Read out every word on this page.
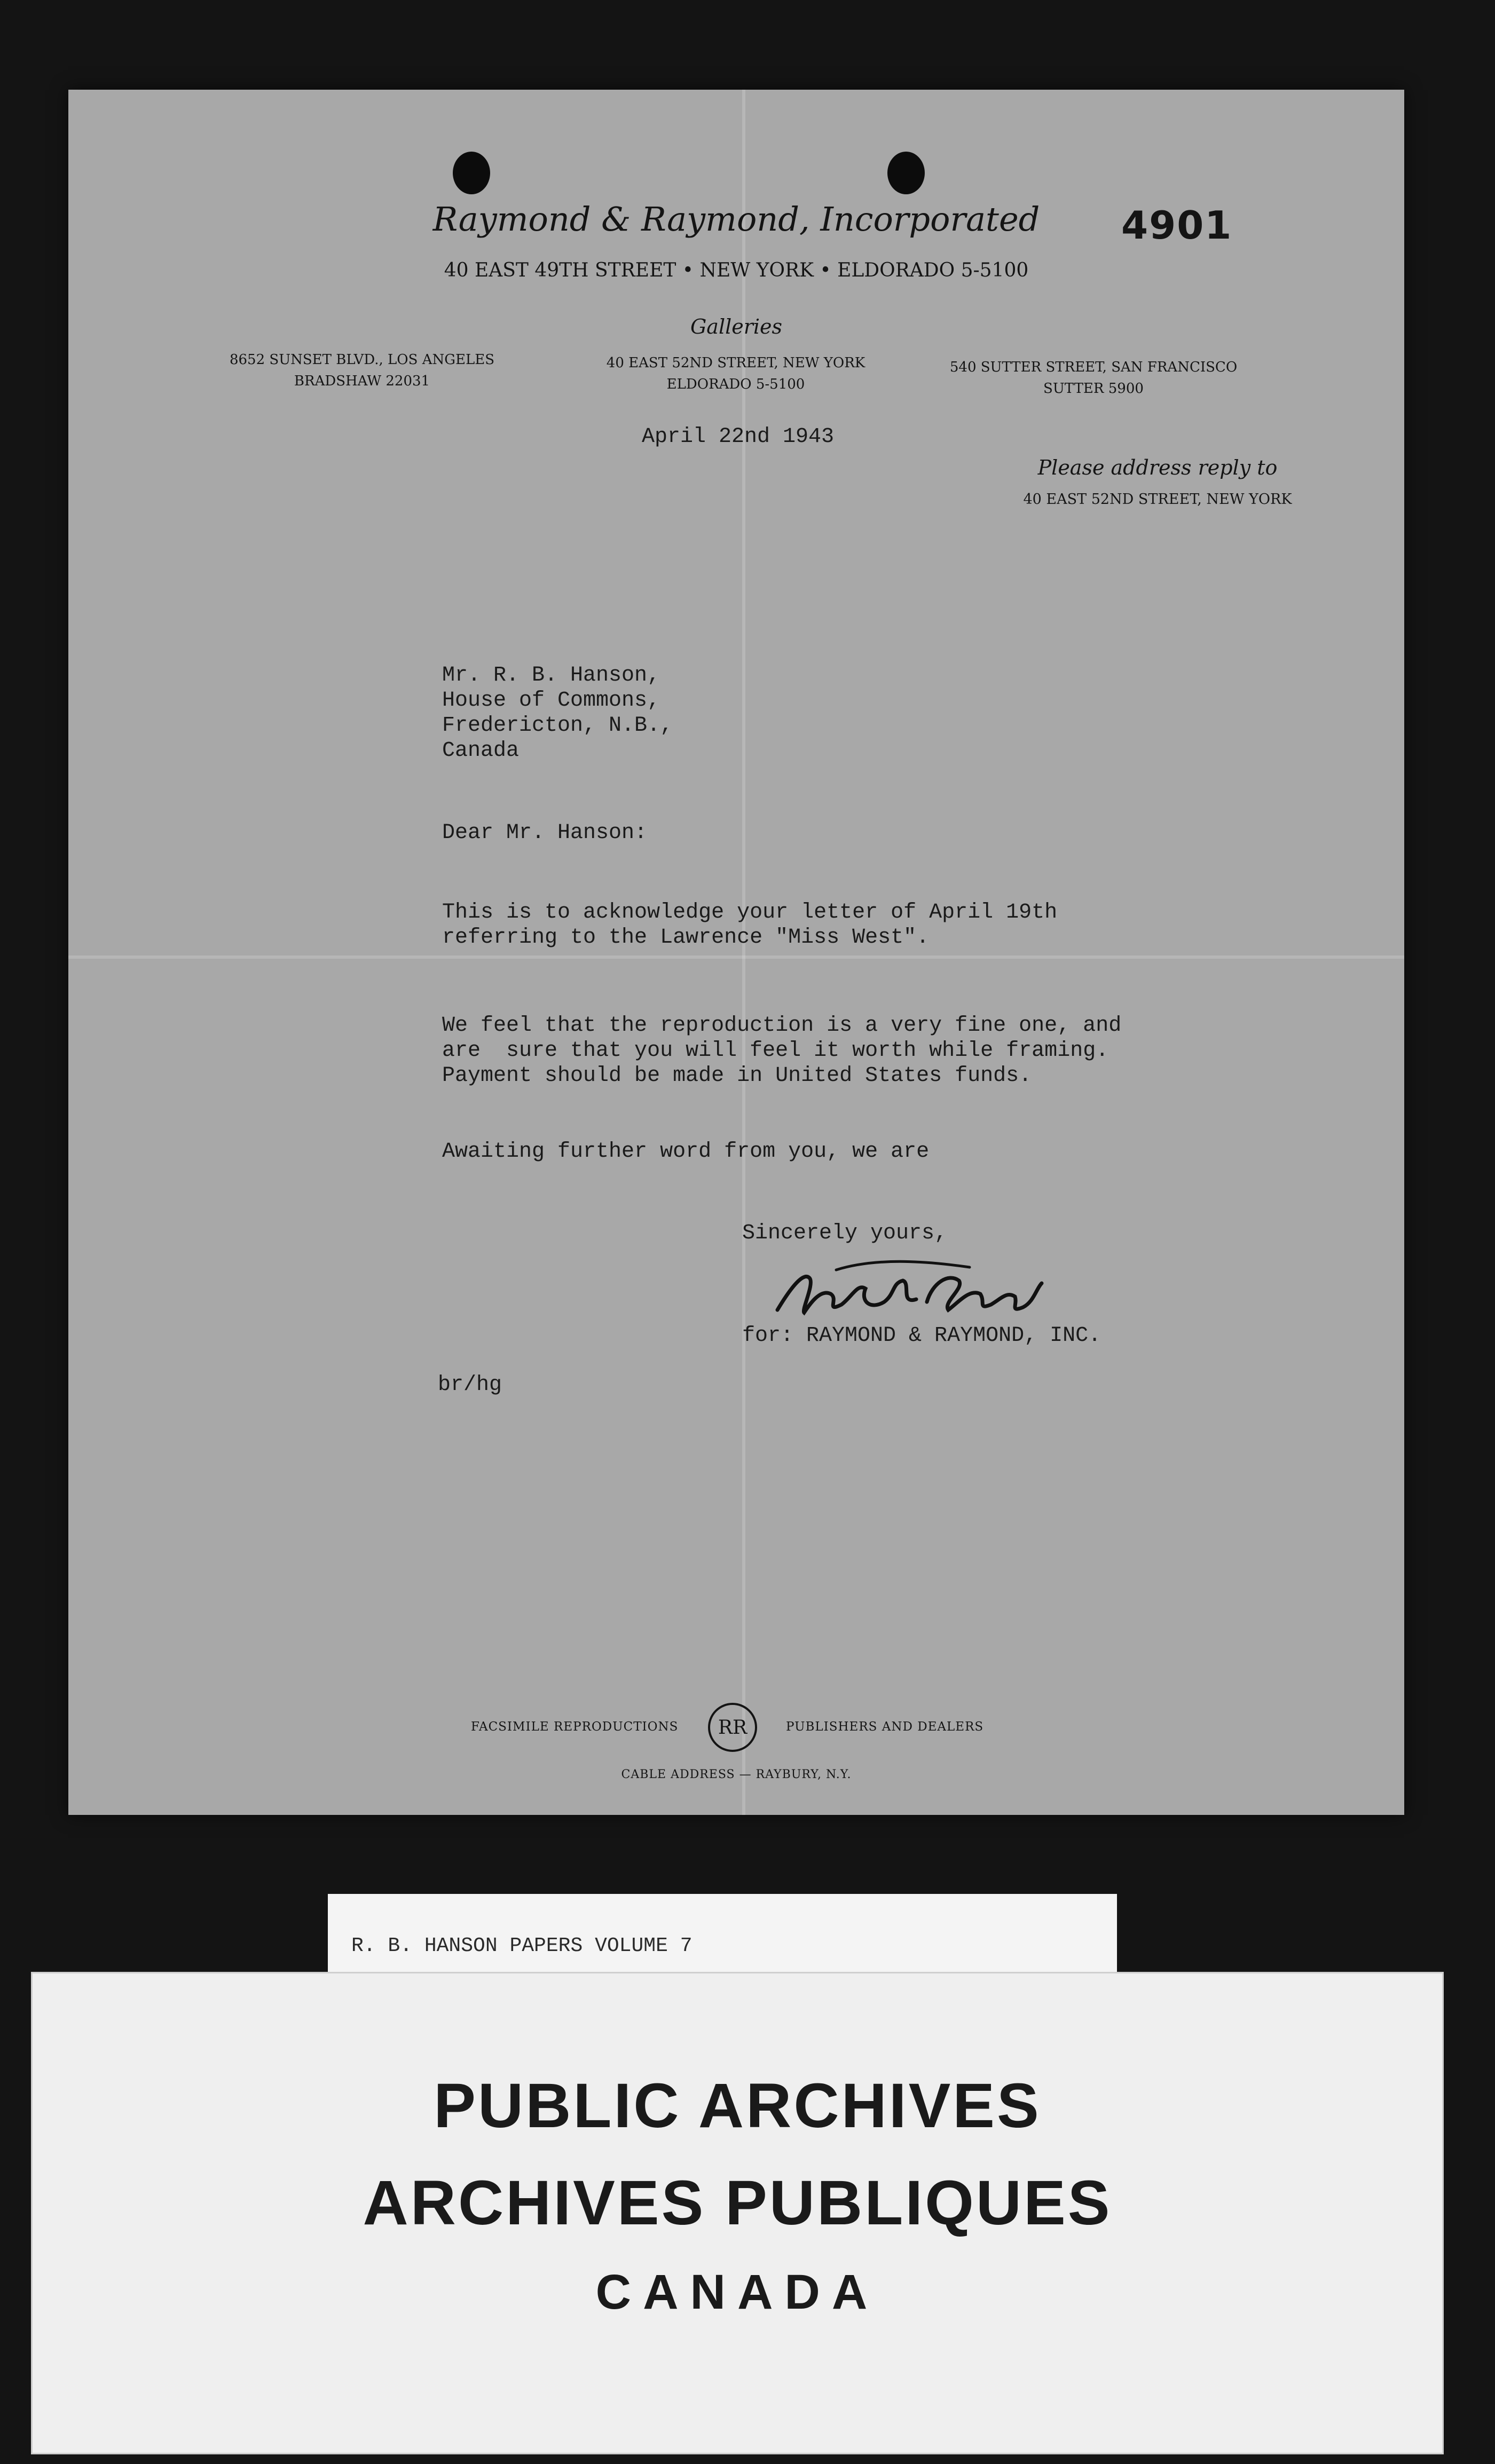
Raymond & Raymond, Incorporated	4901
40 EAST 49TH STREET • NEW YORK • ELDORADO 5-5100
Galleries
8652 SUNSET BLVD., LOS ANGELES
BRADSHAW 22031
40 EAST 52ND STREET, NEW YORK
ELDORADO 5-5100
540 SUTTER STREET, SAN FRANCISCO
SUTTER 5900
Please address reply to
40 EAST 52ND STREET, NEW YORK
April 22nd 1943
Mr. R. B. Hanson,
House of Commons,
Fredericton, N.B.,
Canada
Dear Mr. Hanson:
This is to acknowledge your letter of April 19th
referring to the Lawrence "Miss West".
We feel that the reproduction is a very fine one, and
are  sure that you will feel it worth while framing.
Payment should be made in United States funds.
Awaiting further word from you, we are
Sincerely yours,
for: RAYMOND & RAYMOND, INC.
br/hg
FACSIMILE REPRODUCTIONS RR	PUBLISHERS AND DEALERS
CABLE ADDRESS — RAYBURY, N.Y.
R. B. HANSON PAPERS VOLUME 7
PUBLIC ARCHIVES
ARCHIVES PUBLIQUES
CANADA
